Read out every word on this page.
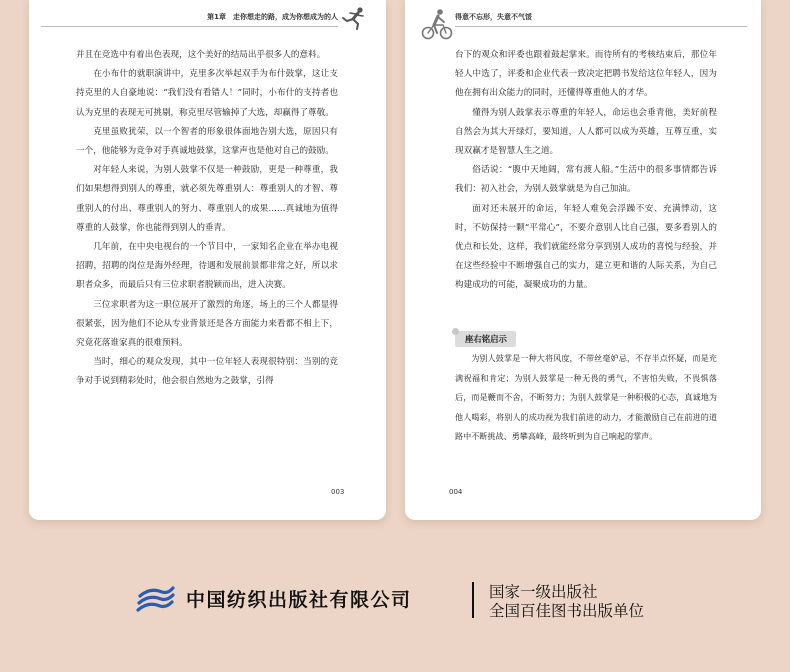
第1章　走你想走的路，成为你想成为的人

并且在竞选中有着出色表现，这个美好的结局出乎很多人的意料。

在小布什的就职演讲中，克里多次举起双手为布什鼓掌，这让支持克里的人自豪地说：“我们没有看错人！”同时，小布什的支持者也认为克里的表现无可挑剔，称克里尽管输掉了大选，却赢得了尊敬。

克里虽败犹荣，以一个智者的形象很体面地告别大选，原因只有一个，他能够为竞争对手真诚地鼓掌，这掌声也是他对自己的鼓励。

对年轻人来说，为别人鼓掌不仅是一种鼓励，更是一种尊重，我们如果想得到别人的尊重，就必须先尊重别人：尊重别人的才智、尊重别人的付出、尊重别人的努力、尊重别人的成果……真诚地为值得尊重的人鼓掌，你也能得到别人的垂青。

几年前，在中央电视台的一个节目中，一家知名企业在举办电视招聘，招聘的岗位是海外经理，待遇和发展前景都非常之好，所以求职者众多，而最后只有三位求职者脱颖而出，进入决赛。

三位求职者为这一职位展开了激烈的角逐，场上的三个人都显得很紧张，因为他们不论从专业背景还是各方面能力来看都不相上下，究竟花落谁家真的很难预料。

当时，细心的观众发现，其中一位年轻人表现很特别：当别的竞争对手说到精彩处时，他会很自然地为之鼓掌，引得

003
得意不忘形，失意不气馁

台下的观众和评委也跟着鼓起掌来。而待所有的考核结束后，那位年轻人中选了，评委和企业代表一致决定把聘书发给这位年轻人，因为他在拥有出众能力的同时，还懂得尊重他人的才华。

懂得为别人鼓掌表示尊重的年轻人，命运也会垂青他，美好前程自然会为其大开绿灯，要知道，人人都可以成为英雄，互尊互重，实现双赢才是智慧人生之道。

俗话说：“腹中天地阔，常有渡人船。”生活中的很多事情都告诉我们：初入社会，为别人鼓掌就是为自己加油。

面对还未展开的命运，年轻人难免会浮躁不安、充满悸动，这时，不妨保持一颗“平常心”，不要介意别人比自己强，要多看别人的优点和长处，这样，我们就能经常分享到别人成功的喜悦与经验，并在这些经验中不断增强自己的实力，建立更和谐的人际关系，为自己构建成功的可能，凝聚成功的力量。

座右铭启示

为别人鼓掌是一种大将风度，不带丝毫妒忌，不存半点怀疑，而是充满祝福和肯定；为别人鼓掌是一种无畏的勇气，不害怕失败，不畏惧落后，而是鞭而不舍，不断努力；为别人鼓掌是一种积极的心态，真诚地为他人喝彩，将别人的成功视为我们前进的动力，才能激励自己在前进的道路中不断挑战、勇攀高峰，最终听到为自己响起的掌声。

004
中国纺织出版社有限公司	国家一级出版社
全国百佳图书出版单位
